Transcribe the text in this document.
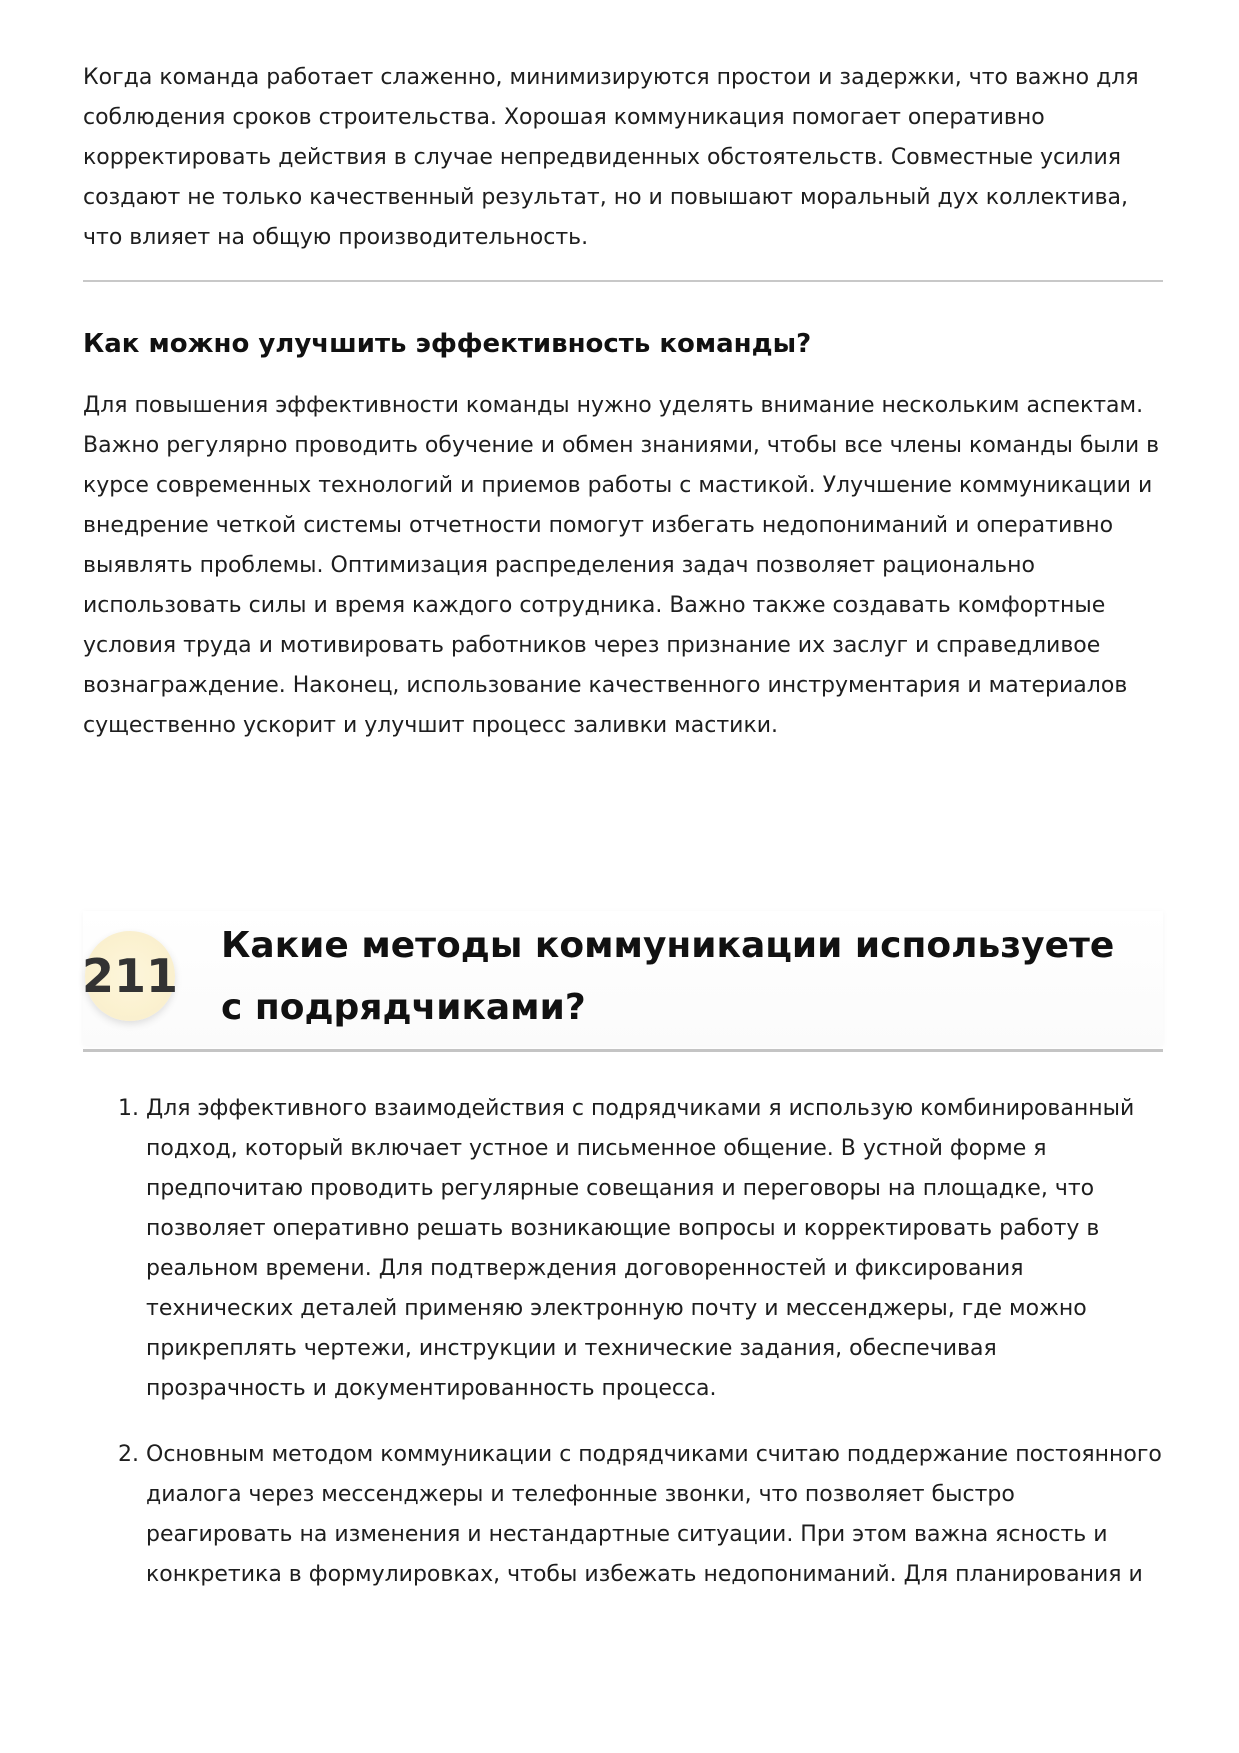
Когда команда работает слаженно, минимизируются простои и задержки, что важно для соблюдения сроков строительства. Хорошая коммуникация помогает оперативно корректировать действия в случае непредвиденных обстоятельств. Совместные усилия создают не только качественный результат, но и повышают моральный дух коллектива, что влияет на общую производительность.

Как можно улучшить эффективность команды?

Для повышения эффективности команды нужно уделять внимание нескольким аспектам. Важно регулярно проводить обучение и обмен знаниями, чтобы все члены команды были в курсе современных технологий и приемов работы с мастикой. Улучшение коммуникации и внедрение четкой системы отчетности помогут избегать недопониманий и оперативно выявлять проблемы. Оптимизация распределения задач позволяет рационально использовать силы и время каждого сотрудника. Важно также создавать комфортные условия труда и мотивировать работников через признание их заслуг и справедливое вознаграждение. Наконец, использование качественного инструментария и материалов существенно ускорит и улучшит процесс заливки мастики.

211
Какие методы коммуникации используете с подрядчиками?
1. Для эффективного взаимодействия с подрядчиками я использую комбинированный подход, который включает устное и письменное общение. В устной форме я предпочитаю проводить регулярные совещания и переговоры на площадке, что позволяет оперативно решать возникающие вопросы и корректировать работу в реальном времени. Для подтверждения договоренностей и фиксирования технических деталей применяю электронную почту и мессенджеры, где можно прикреплять чертежи, инструкции и технические задания, обеспечивая прозрачность и документированность процесса.
2. Основным методом коммуникации с подрядчиками считаю поддержание постоянного диалога через мессенджеры и телефонные звонки, что позволяет быстро реагировать на изменения и нестандартные ситуации. При этом важна ясность и конкретика в формулировках, чтобы избежать недопониманий. Для планирования и
